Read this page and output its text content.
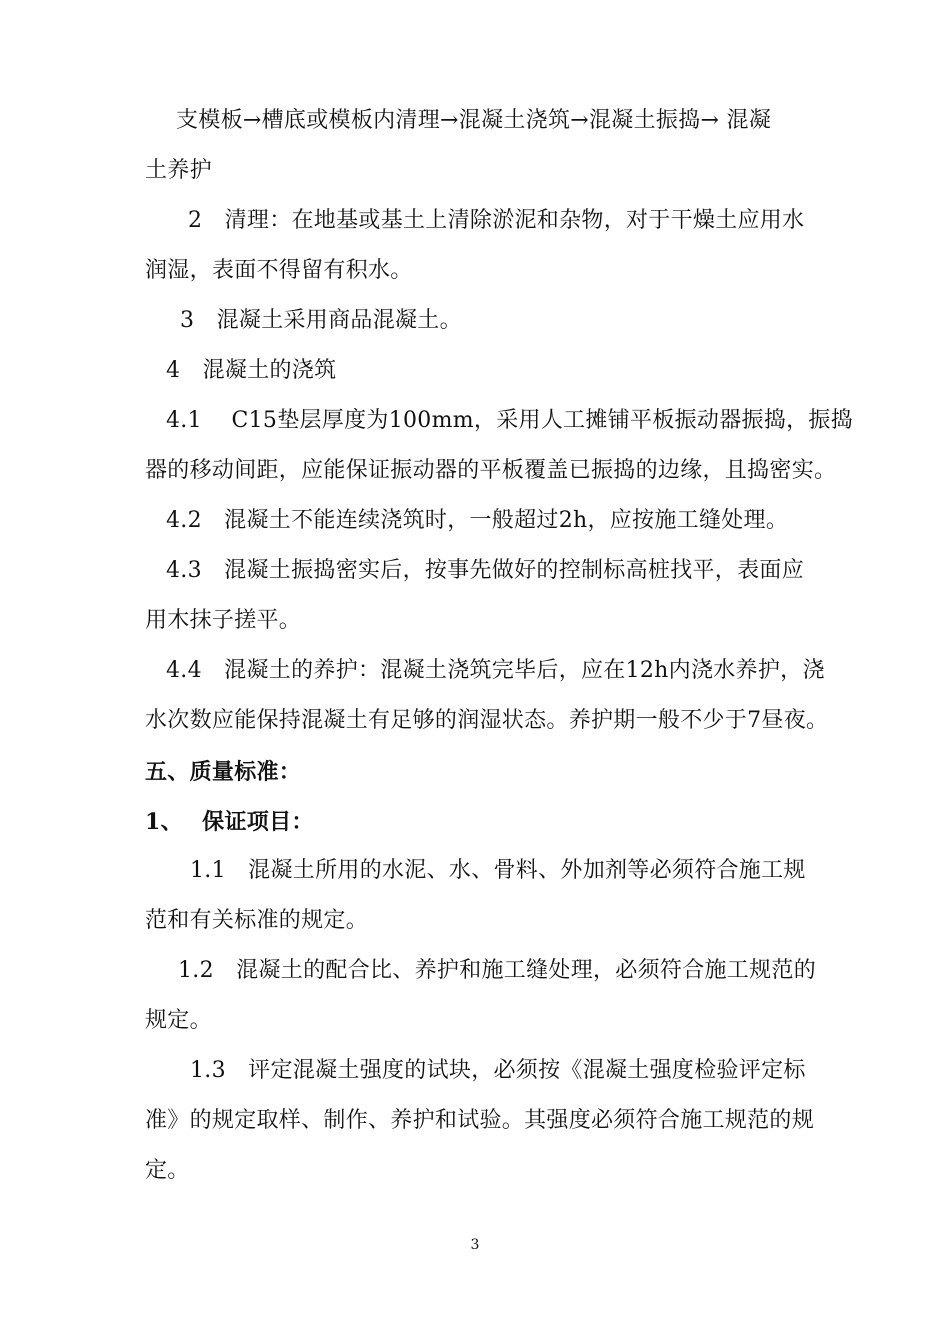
支模板→槽底或模板内清理→混凝土浇筑→混凝土振捣→ 混凝
土养护
2　清理：在地基或基土上清除淤泥和杂物，对于干燥土应用水
润湿，表面不得留有积水。
3　混凝土采用商品混凝土。
4　混凝土的浇筑
4.1　 C15垫层厚度为100mm，采用人工摊铺平板振动器振捣，振捣
器的移动间距，应能保证振动器的平板覆盖已振捣的边缘，且捣密实。
4.2　混凝土不能连续浇筑时，一般超过2h，应按施工缝处理。
4.3　混凝土振捣密实后，按事先做好的控制标高桩找平，表面应
用木抹子搓平。
4.4　混凝土的养护：混凝土浇筑完毕后，应在12h内浇水养护，浇
水次数应能保持混凝土有足够的润湿状态。养护期一般不少于7昼夜。
五、质量标准：
1、　 保证项目：
1.1　混凝土所用的水泥、水、骨料、外加剂等必须符合施工规
范和有关标准的规定。
1.2　混凝土的配合比、养护和施工缝处理，必须符合施工规范的
规定。
1.3　评定混凝土强度的试块，必须按《混凝土强度检验评定标
准》的规定取样、制作、养护和试验。其强度必须符合施工规范的规
定。
3
